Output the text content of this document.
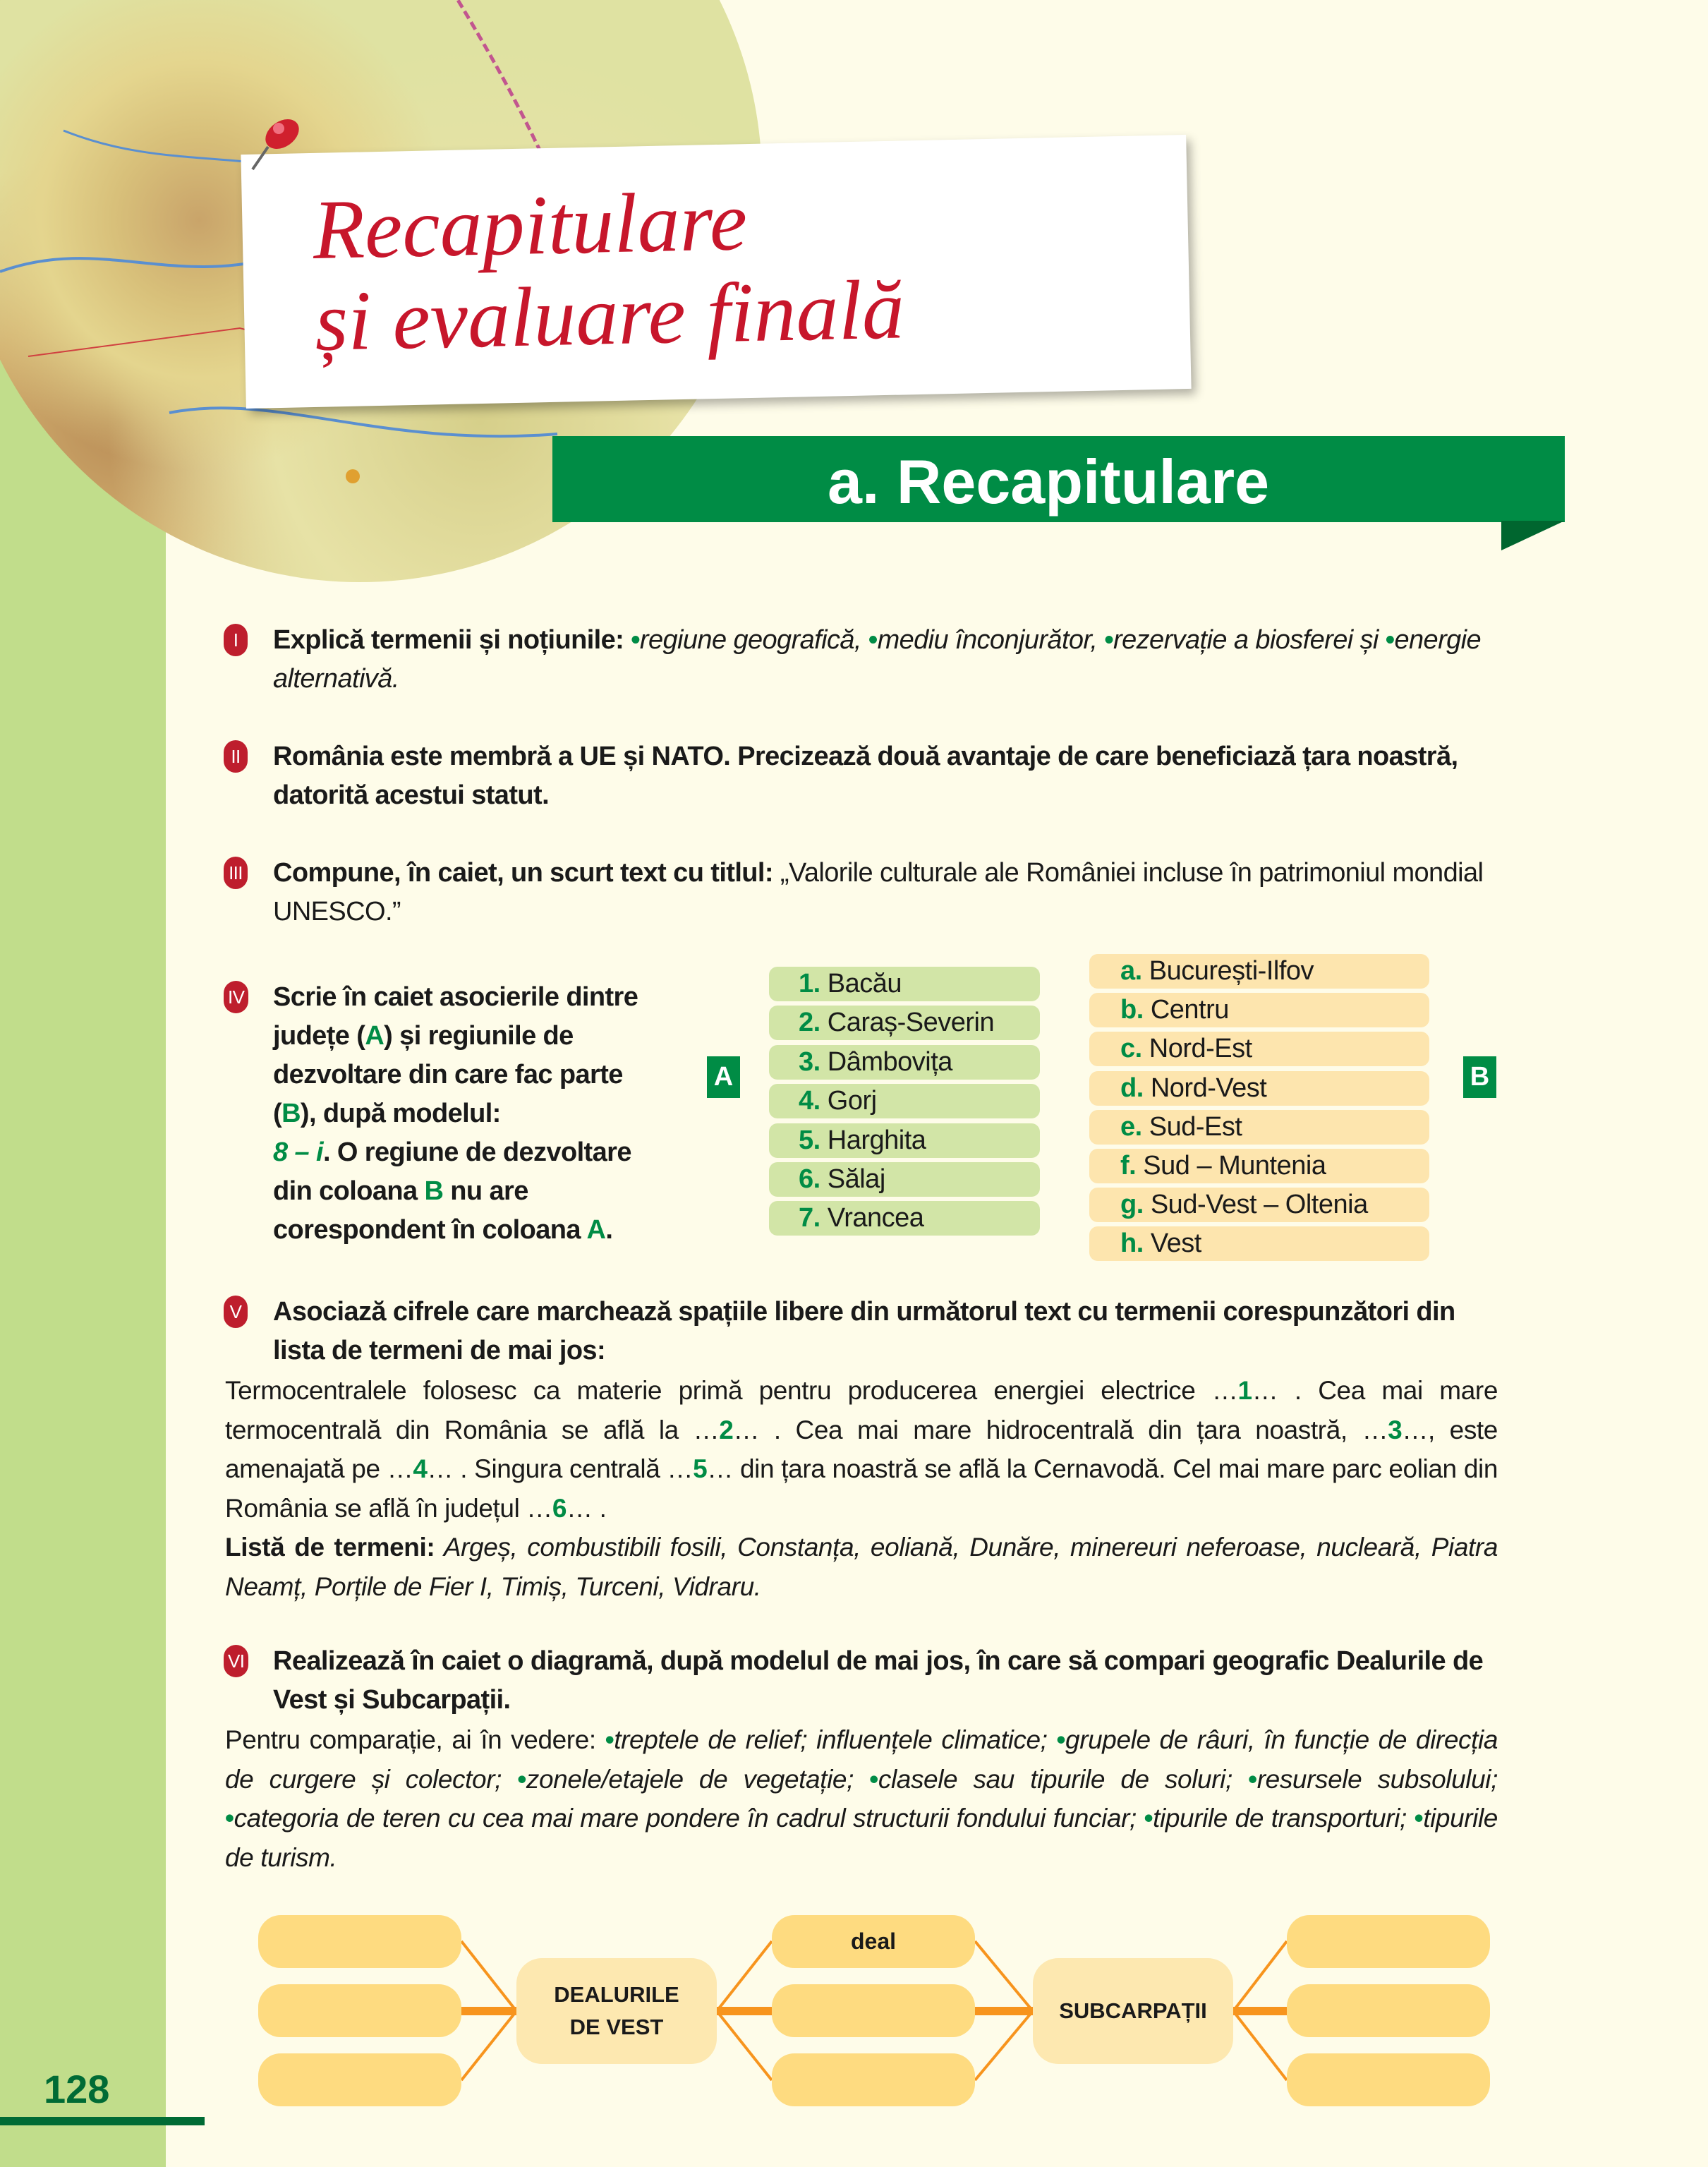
Recapitulare
și evaluare finală
a. Recapitulare
I	Explică termenii și noțiunile: •regiune geografică, •mediu înconjurător, •rezervație a biosferei și •energie alternativă.
II România este membră a UE și NATO. Precizează două avantaje de care beneficiază țara noastră, datorită acestui statut.
III Compune, în caiet, un scurt text cu titlul: „Valorile culturale ale României incluse în patrimoniul mondial UNESCO.”
IV Scrie în caiet asocierile dintre județe (A) și regiunile de dezvoltare din care fac parte (B), după modelul:
8 – i. O regiune de dezvoltare din coloana B nu are corespondent în coloana A.
A	B
1. Bacău
2. Caraș-Severin
3. Dâmbovița
4. Gorj
5. Harghita
6. Sălaj
7. Vrancea
a. București-Ilfov
b. Centru
c. Nord-Est
d. Nord-Vest
e. Sud-Est
f. Sud – Muntenia
g. Sud-Vest – Oltenia
h. Vest
V Asociază cifrele care marchează spațiile libere din următorul text cu termenii corespunzători din lista de termeni de mai jos:
Termocentralele folosesc ca materie primă pentru producerea energiei electrice …1… . Cea mai mare termocentrală din România se află la …2… . Cea mai mare hidrocentrală din țara noastră, …3…, este amenajată pe …4… . Singura centrală …5… din țara noastră se află la Cernavodă. Cel mai mare parc eolian din România se află în județul …6… .
Listă de termeni: Argeș, combustibili fosili, Constanța, eoliană, Dunăre, minereuri neferoase, nucleară, Piatra Neamț, Porțile de Fier I, Timiș, Turceni, Vidraru.
VI Realizează în caiet o diagramă, după modelul de mai jos, în care să compari geografic Dealurile de Vest și Subcarpații.
Pentru comparație, ai în vedere: •treptele de relief; influențele climatice; •grupele de râuri, în funcție de direcția de curgere și colector; •zonele/etajele de vegetație; •clasele sau tipurile de soluri; •resursele subsolului; •categoria de teren cu cea mai mare pondere în cadrul structurii fondului funciar; •tipurile de transporturi; •tipurile de turism.
deal
DEALURILE DE VEST
SUBCARPAȚII
128
